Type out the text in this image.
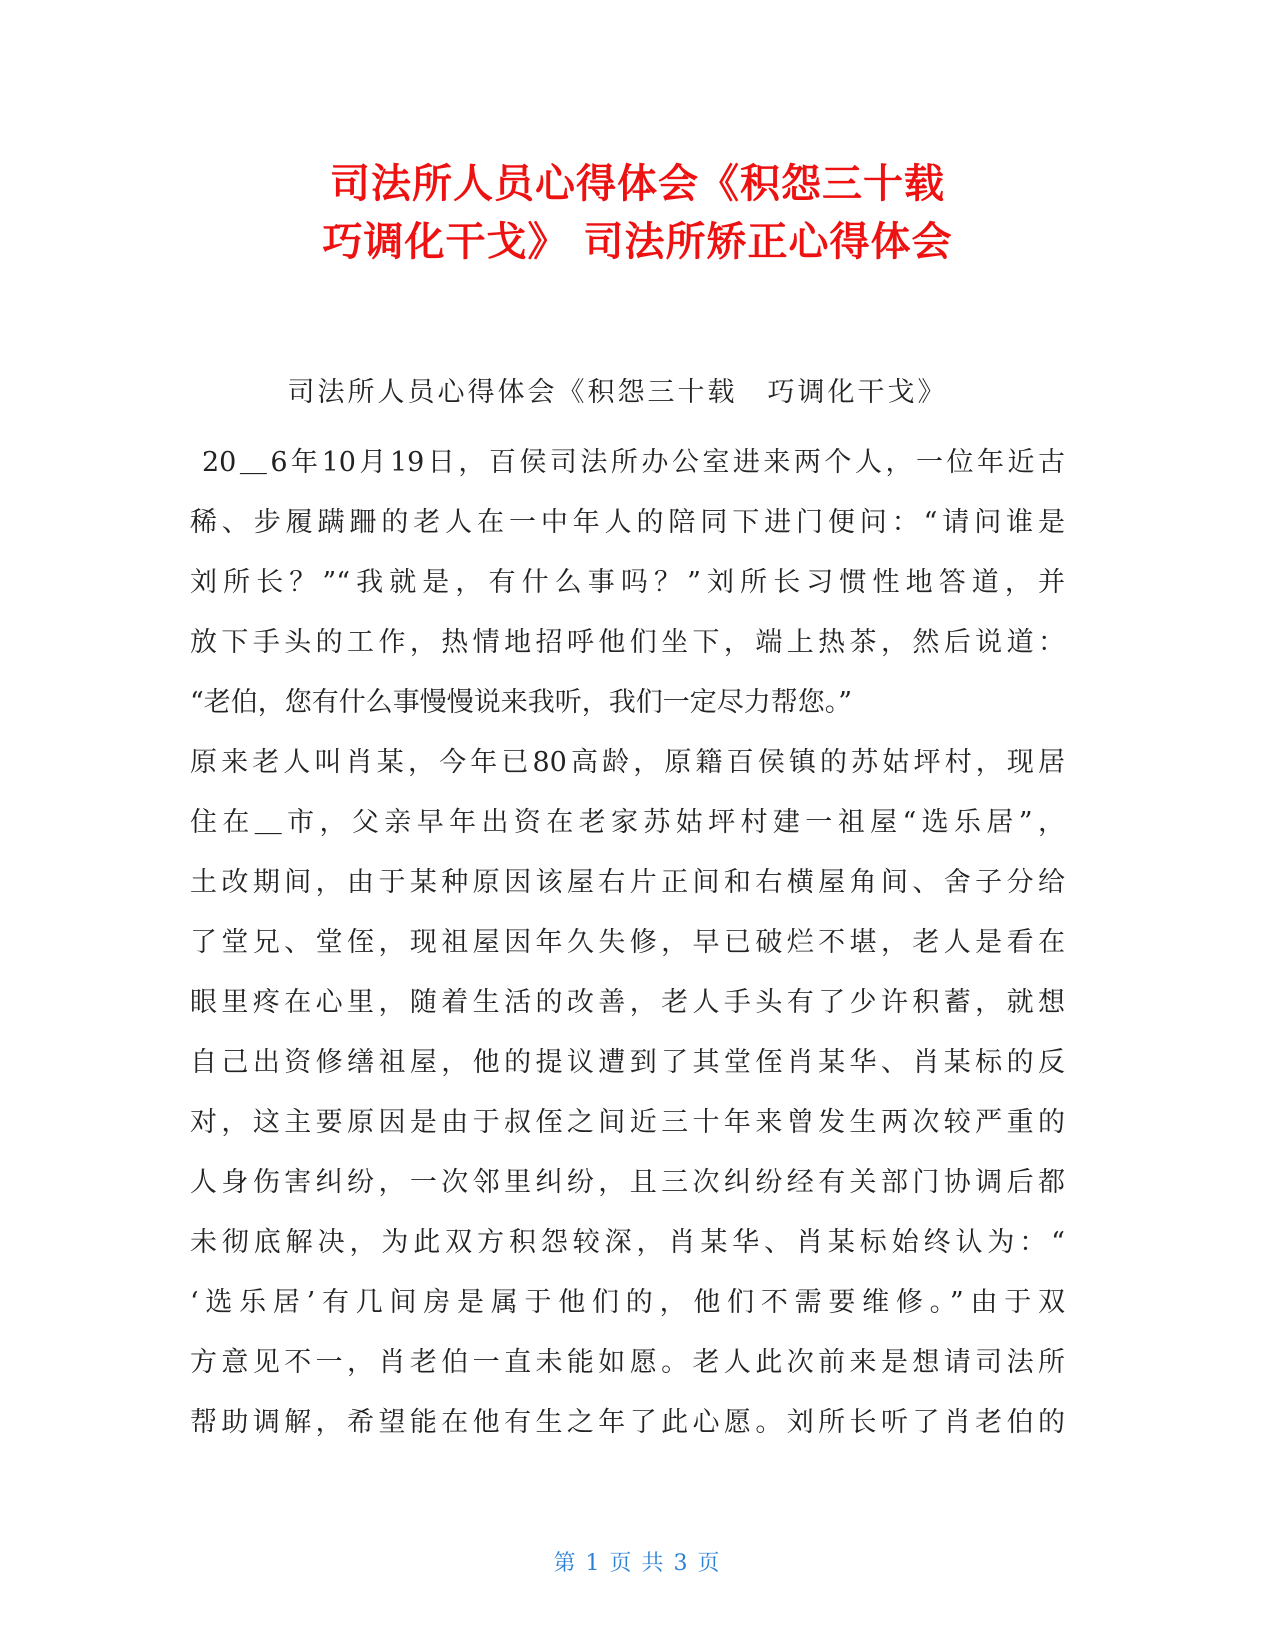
司法所人员心得体会《积怨三十载
巧调化干戈》 司法所矫正心得体会
司法所人员心得体会《积怨三十载　巧调化干戈》
20＿6年10月19日，百侯司法所办公室进来两个人，一位年近古
稀、步履蹒跚的老人在一中年人的陪同下进门便问：“请问谁是
刘所长？”“我就是，有什么事吗？”刘所长习惯性地答道，并
放下手头的工作，热情地招呼他们坐下，端上热茶，然后说道：
“老伯，您有什么事慢慢说来我听，我们一定尽力帮您。”
原来老人叫肖某，今年已80高龄，原籍百侯镇的苏姑坪村，现居
住在＿市，父亲早年出资在老家苏姑坪村建一祖屋“选乐居”，
土改期间，由于某种原因该屋右片正间和右横屋角间、舍子分给
了堂兄、堂侄，现祖屋因年久失修，早已破烂不堪，老人是看在
眼里疼在心里，随着生活的改善，老人手头有了少许积蓄，就想
自己出资修缮祖屋，他的提议遭到了其堂侄肖某华、肖某标的反
对，这主要原因是由于叔侄之间近三十年来曾发生两次较严重的
人身伤害纠纷，一次邻里纠纷，且三次纠纷经有关部门协调后都
未彻底解决，为此双方积怨较深，肖某华、肖某标始终认为：“
‘选乐居’有几间房是属于他们的，他们不需要维修。”由于双
方意见不一，肖老伯一直未能如愿。老人此次前来是想请司法所
帮助调解，希望能在他有生之年了此心愿。刘所长听了肖老伯的
第 1 页 共 3 页
